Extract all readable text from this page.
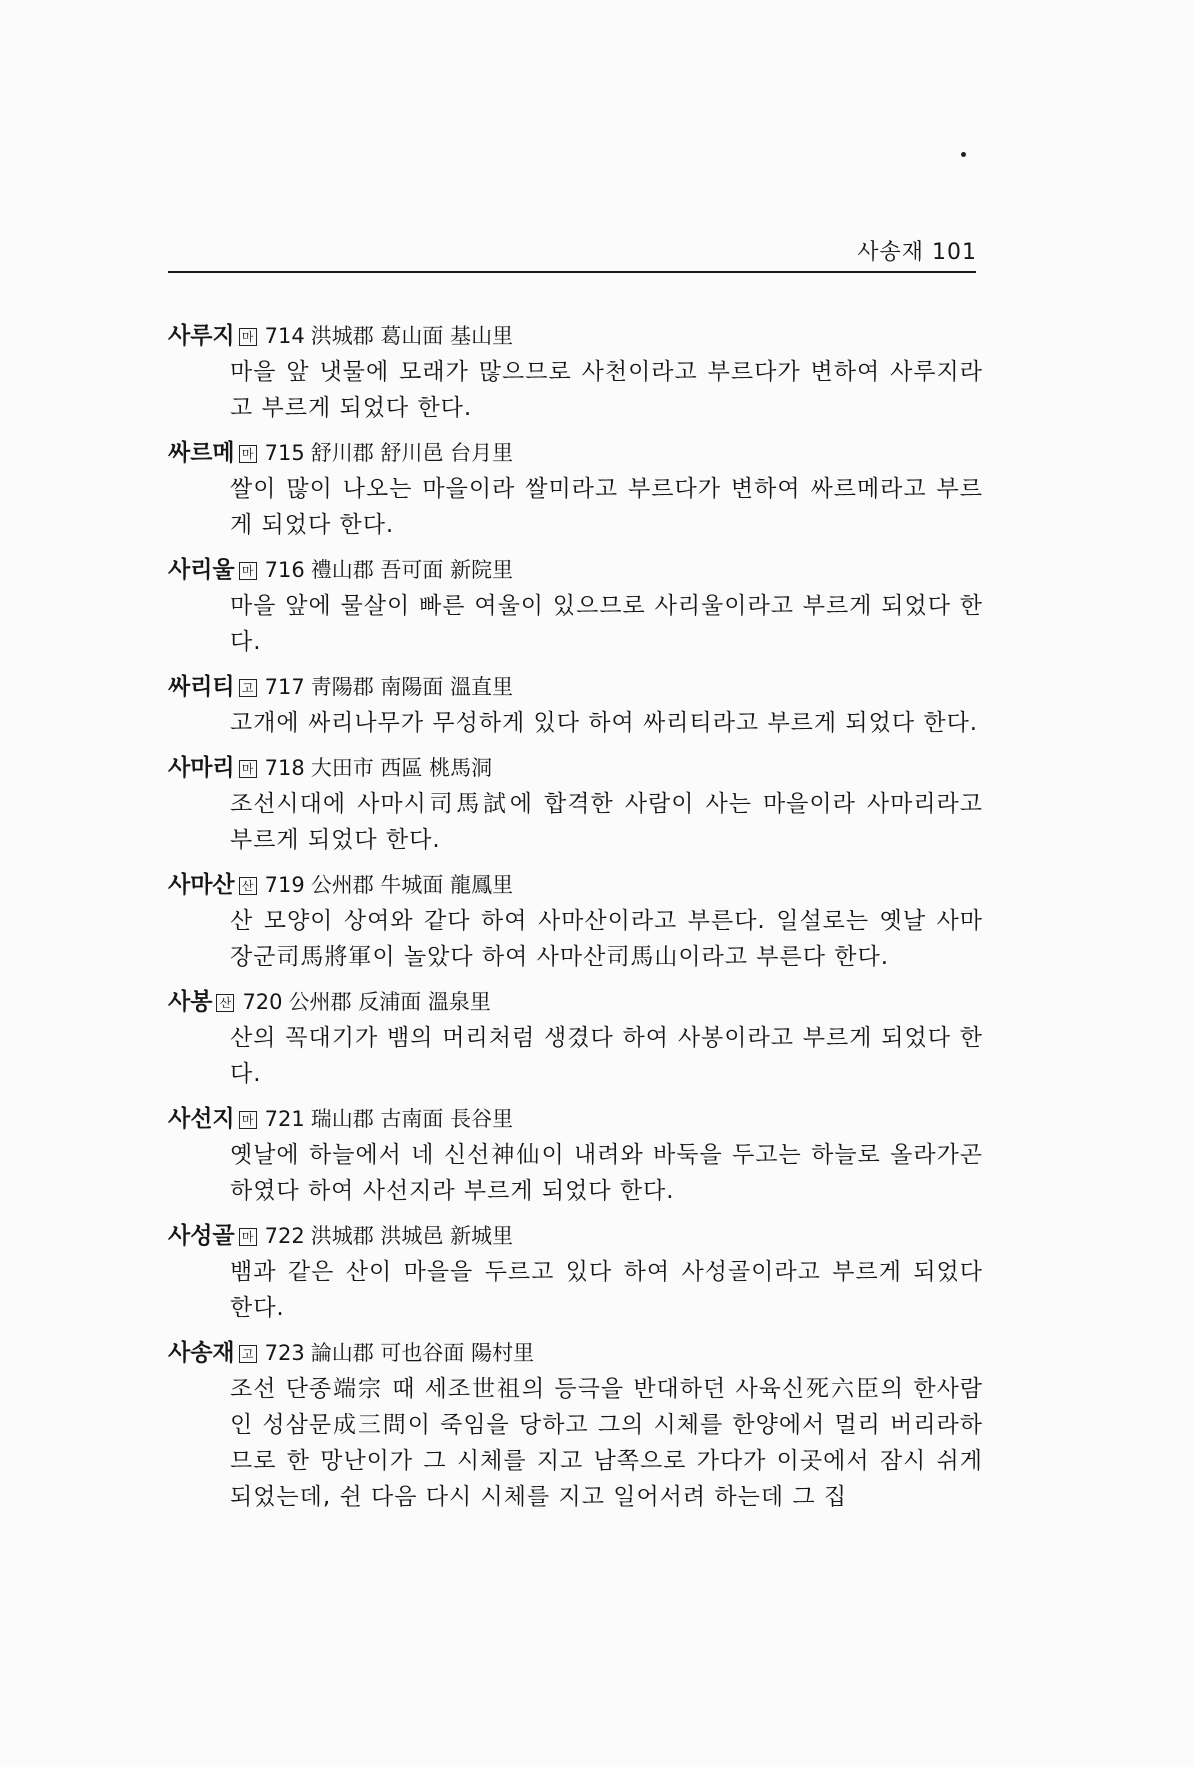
사송재 101
사루지 마 714 洪城郡 葛山面 基山里
마을 앞 냇물에 모래가 많으므로 사천이라고 부르다가 변하여 사루지라고 부르게 되었다 한다.
싸르메 마 715 舒川郡 舒川邑 台月里
쌀이 많이 나오는 마을이라 쌀미라고 부르다가 변하여 싸르메라고 부르게 되었다 한다.
사리울 마 716 禮山郡 吾可面 新院里
마을 앞에 물살이 빠른 여울이 있으므로 사리울이라고 부르게 되었다 한다.
싸리티 고 717 靑陽郡 南陽面 溫直里
고개에 싸리나무가 무성하게 있다 하여 싸리티라고 부르게 되었다 한다.
사마리 마 718 大田市 西區 桃馬洞
조선시대에 사마시司馬試에 합격한 사람이 사는 마을이라 사마리라고 부르게 되었다 한다.
사마산 산 719 公州郡 牛城面 龍鳳里
산 모양이 상여와 같다 하여 사마산이라고 부른다. 일설로는 옛날 사마장군司馬將軍이 놀았다 하여 사마산司馬山이라고 부른다 한다.
사봉 산 720 公州郡 反浦面 溫泉里
산의 꼭대기가 뱀의 머리처럼 생겼다 하여 사봉이라고 부르게 되었다 한다.
사선지 마 721 瑞山郡 古南面 長谷里
옛날에 하늘에서 네 신선神仙이 내려와 바둑을 두고는 하늘로 올라가곤 하였다 하여 사선지라 부르게 되었다 한다.
사성골 마 722 洪城郡 洪城邑 新城里
뱀과 같은 산이 마을을 두르고 있다 하여 사성골이라고 부르게 되었다 한다.
사송재 고 723 論山郡 可也谷面 陽村里
조선 단종端宗 때 세조世祖의 등극을 반대하던 사육신死六臣의 한사람인 성삼문成三問이 죽임을 당하고 그의 시체를 한양에서 멀리 버리라하므로 한 망난이가 그 시체를 지고 남쪽으로 가다가 이곳에서 잠시 쉬게 되었는데, 쉰 다음 다시 시체를 지고 일어서려 하는데 그 집
